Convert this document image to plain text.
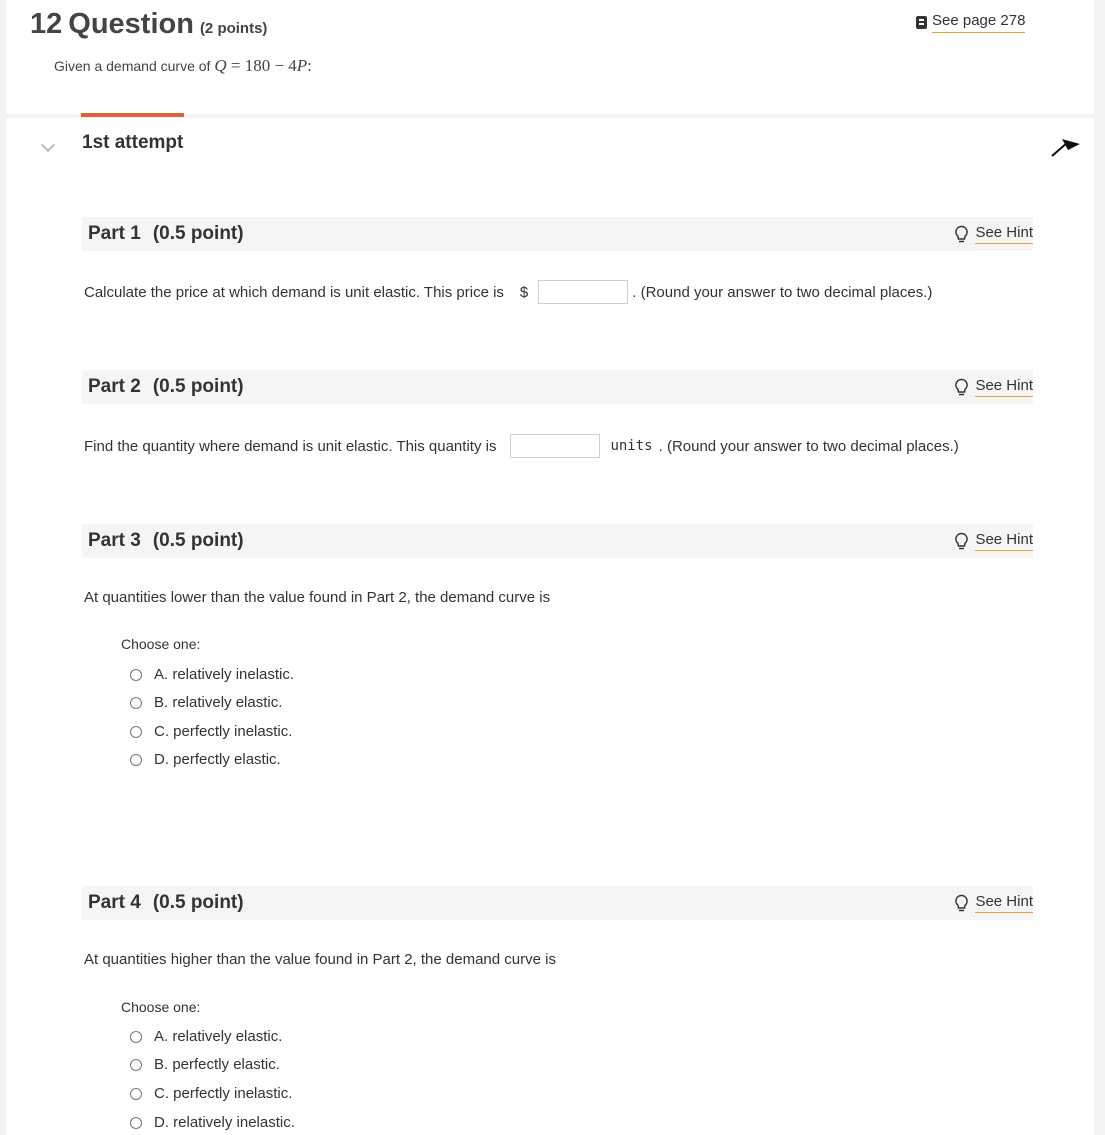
12 Question (2 points)	See page 278
Given a demand curve of Q = 180 − 4P:
1st attempt
Part 1 (0.5 point)	See Hint
Calculate the price at which demand is unit elastic. This price is $	. (Round your answer to two decimal places.)
Part 2 (0.5 point)	See Hint
Find the quantity where demand is unit elastic. This quantity is	units . (Round your answer to two decimal places.)
Part 3 (0.5 point)	See Hint
At quantities lower than the value found in Part 2, the demand curve is
Choose one:
A. relatively inelastic.
B. relatively elastic.
C. perfectly inelastic.
D. perfectly elastic.
Part 4 (0.5 point)	See Hint
At quantities higher than the value found in Part 2, the demand curve is
Choose one:
A. relatively elastic.
B. perfectly elastic.
C. perfectly inelastic.
D. relatively inelastic.
